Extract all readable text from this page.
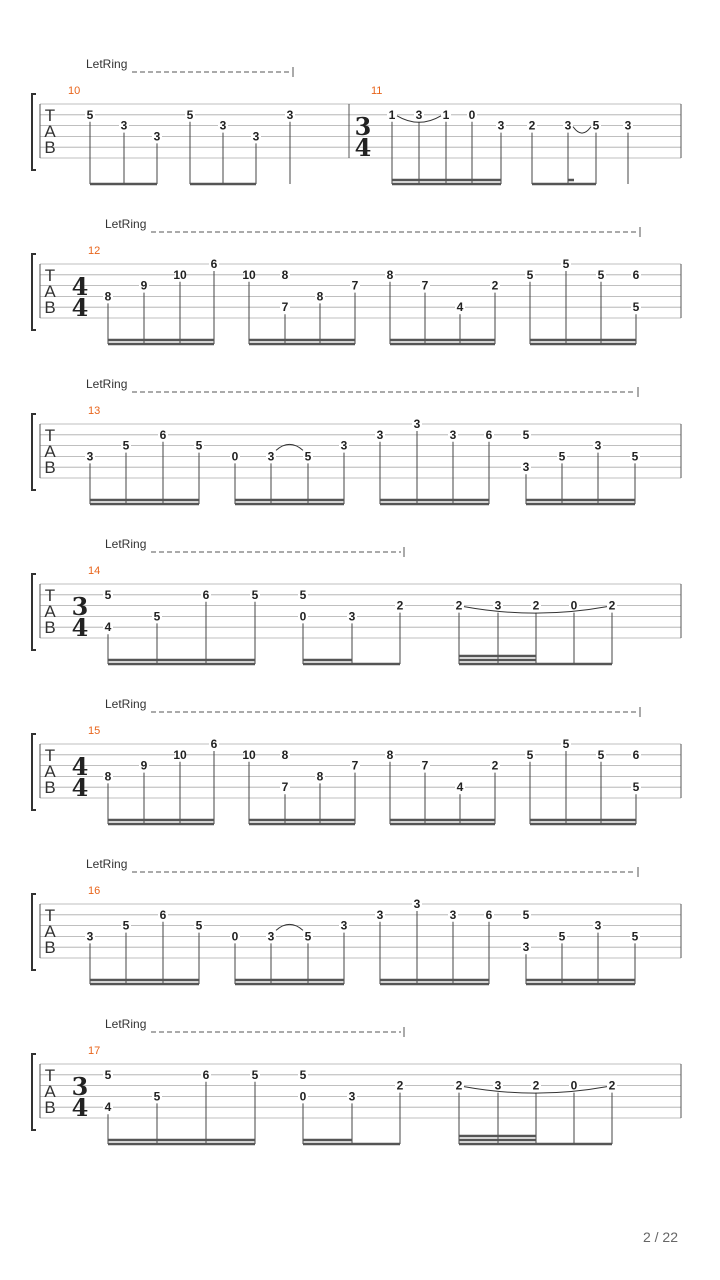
LetRing
T
A
B
10
5
3
3
5
3
3
3
11
3
4
1 3 1 0
3 2 3 5 3
LetRing
T
A
B
12
4
4 8
9
10
6
10 8
7
8
7
8
7
4
2
5
5
5 6
5
LetRing
T
A
B
13
3
5
6
5
0 3	5
3
3
3
3 6	5
3
5
3
5
LetRing
T
A
B
14
3
4
5
4
5
6	5	5
0	3
2	2	3	2	0	2
LetRing
T
A
B
15
4
4 8
9
10
6
10 8
7
8
7
8
7
4
2
5
5
5 6
5
LetRing
T
A
B
16
3
5
6
5
0 3	5
3
3
3
3 6	5
3
5
3
5
LetRing
T
A
B
17
3
4
5
4
5
6	5	5
0	3
2	2	3	2	0	2
2 / 22
